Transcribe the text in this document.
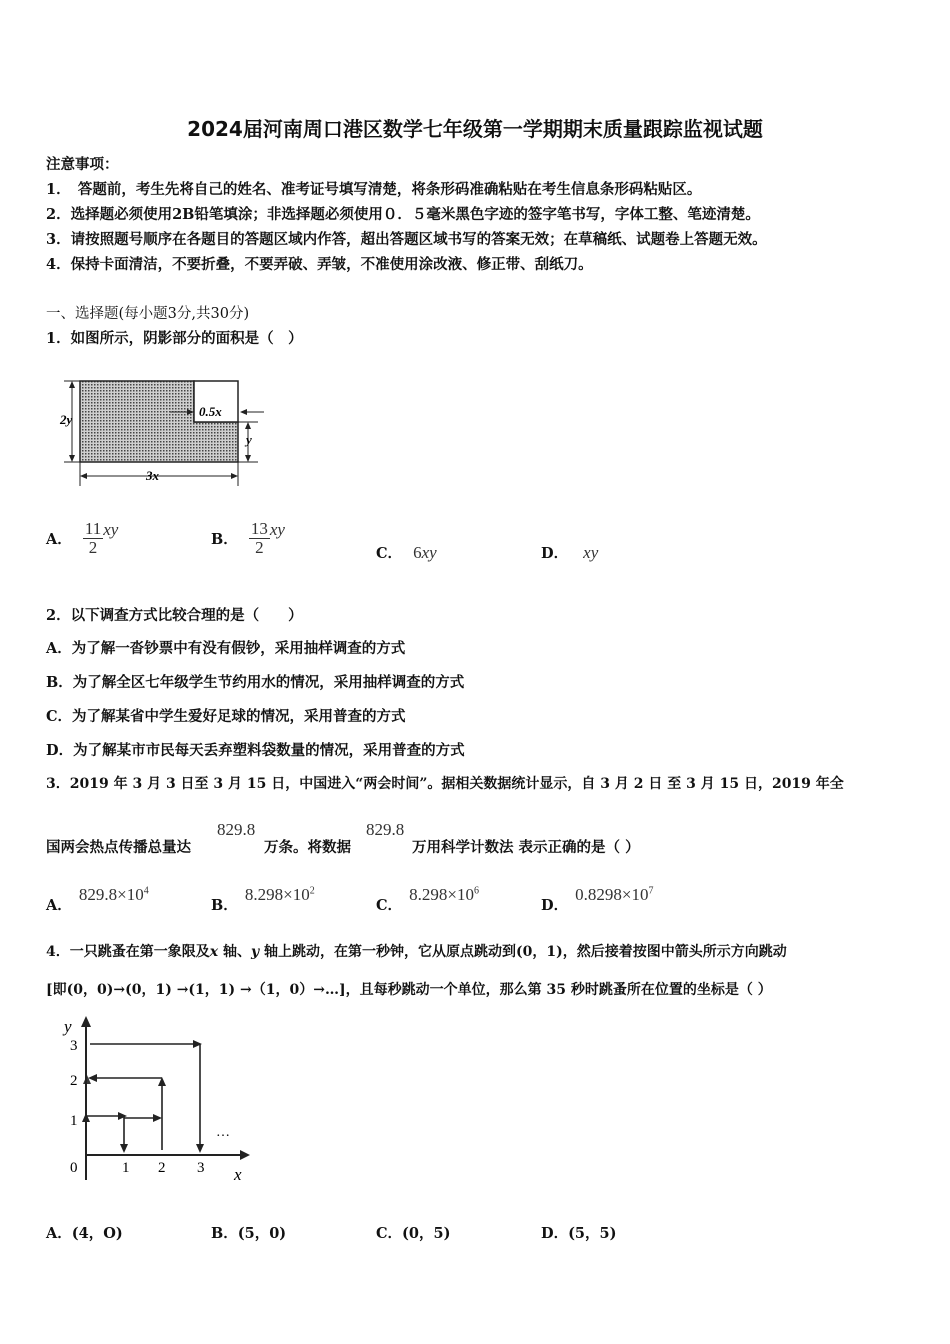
2024届河南周口港区数学七年级第一学期期末质量跟踪监视试题
注意事项：
1．　答题前，考生先将自己的姓名、准考证号填写清楚，将条形码准确粘贴在考生信息条形码粘贴区。
2．选择题必须使用2B铅笔填涂；非选择题必须使用０．５毫米黑色字迹的签字笔书写，字体工整、笔迹清楚。
3．请按照题号顺序在各题目的答题区域内作答，超出答题区域书写的答案无效；在草稿纸、试题卷上答题无效。
4．保持卡面清洁，不要折叠，不要弄破、弄皱，不准使用涂改液、修正带、刮纸刀。
一、选择题(每小题3分,共30分)
1．如图所示，阴影部分的面积是（　）
2y
0.5x
y
3x
A． $\frac{11}{2}$ xy
B． $\frac{13}{2}$ xy
C． 6xy	D． xy
2．以下调查方式比较合理的是（　　）
A．为了解一沓钞票中有没有假钞，采用抽样调查的方式
B．为了解全区七年级学生节约用水的情况，采用抽样调查的方式
C．为了解某省中学生爱好足球的情况，采用普查的方式
D．为了解某市市民每天丢弃塑料袋数量的情况，采用普查的方式
3．2019 年 3 月 3 日至 3 月 15 日，中国进入“两会时间”。据相关数据统计显示，自 3 月 2 日 至 3 月 15 日，2019 年全
国两会热点传播总量达
829.8
万条。将数据
829.8
万用科学计数法 表示正确的是（ ）
A． $829.8\times 10^4$
B． $8.298\times 10^2$
C． $8.298\times 10^6$
D． $0.8298\times 10^7$
4．一只跳蚤在第一象限及x 轴、y 轴上跳动，在第一秒钟，它从原点跳动到(0，1)，然后接着按图中箭头所示方向跳动
[即(0，0)→(0，1) →(1，1) →（1，0）→…]，且每秒跳动一个单位，那么第 35 秒时跳蚤所在位置的坐标是（ ）
y
x
0	1 2 3
1
2
3
…
A．(4，O)	B．(5，0)	C．(0，5)	D．(5，5)
